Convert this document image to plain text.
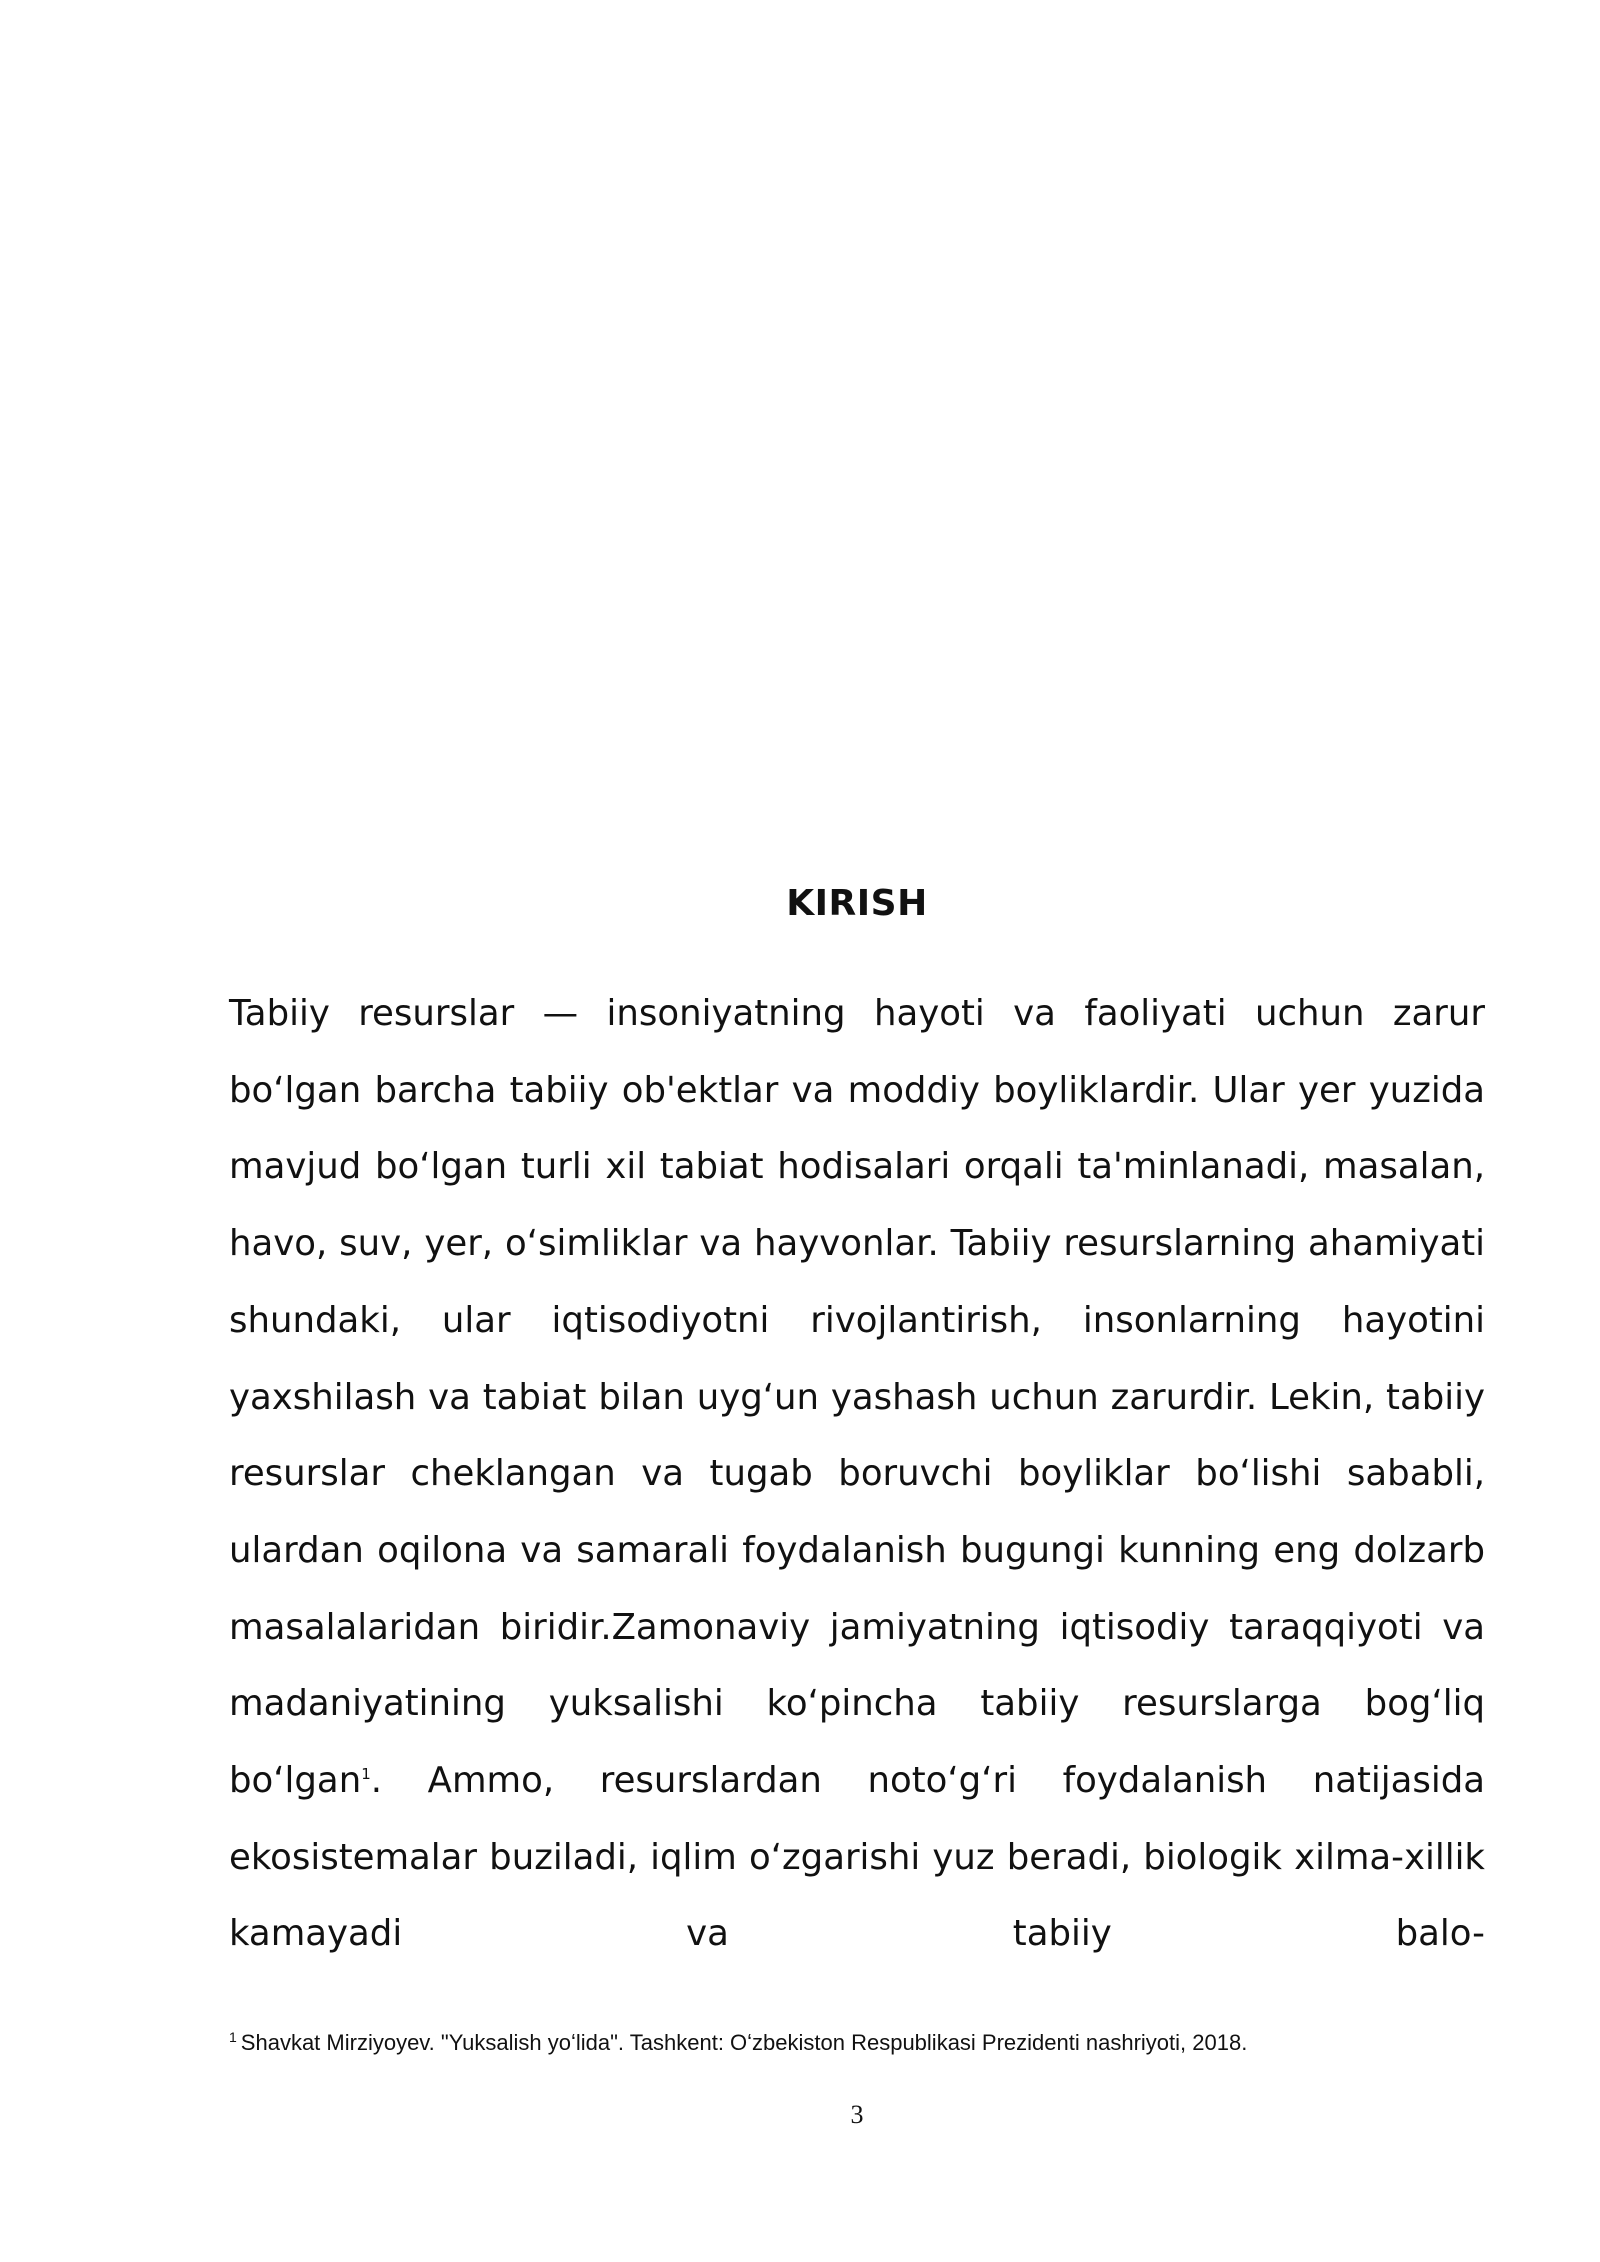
KIRISH

Tabiiy resurslar — insoniyatning hayoti va faoliyati uchun zarur boʻlgan barcha tabiiy ob'ektlar va moddiy boyliklardir. Ular yer yuzida mavjud boʻlgan turli xil tabiat hodisalari orqali ta'minlanadi, masalan, havo, suv, yer, oʻsimliklar va hayvonlar. Tabiiy resurslarning ahamiyati shundaki, ular iqtisodiyotni rivojlantirish, insonlarning hayotini yaxshilash va tabiat bilan uygʻun yashash uchun zarurdir. Lekin, tabiiy resurslar cheklangan va tugab boruvchi boyliklar boʻlishi sababli, ulardan oqilona va samarali foydalanish bugungi kunning eng dolzarb masalalaridan biridir.Zamonaviy jamiyatning iqtisodiy taraqqiyoti va madaniyatining yuksalishi koʻpincha tabiiy resurslarga bogʻliq boʻlgan$^1$. Ammo, resurslardan notoʻgʻri foydalanish natijasida ekosistemalar buziladi, iqlim oʻzgarishi yuz beradi, biologik xilma-xillik kamayadi va tabiiy balo-

$^1$ Shavkat Mirziyoyev. "Yuksalish yoʻlida". Tashkent: Oʻzbekiston Respublikasi Prezidenti nashriyoti, 2018.

3
